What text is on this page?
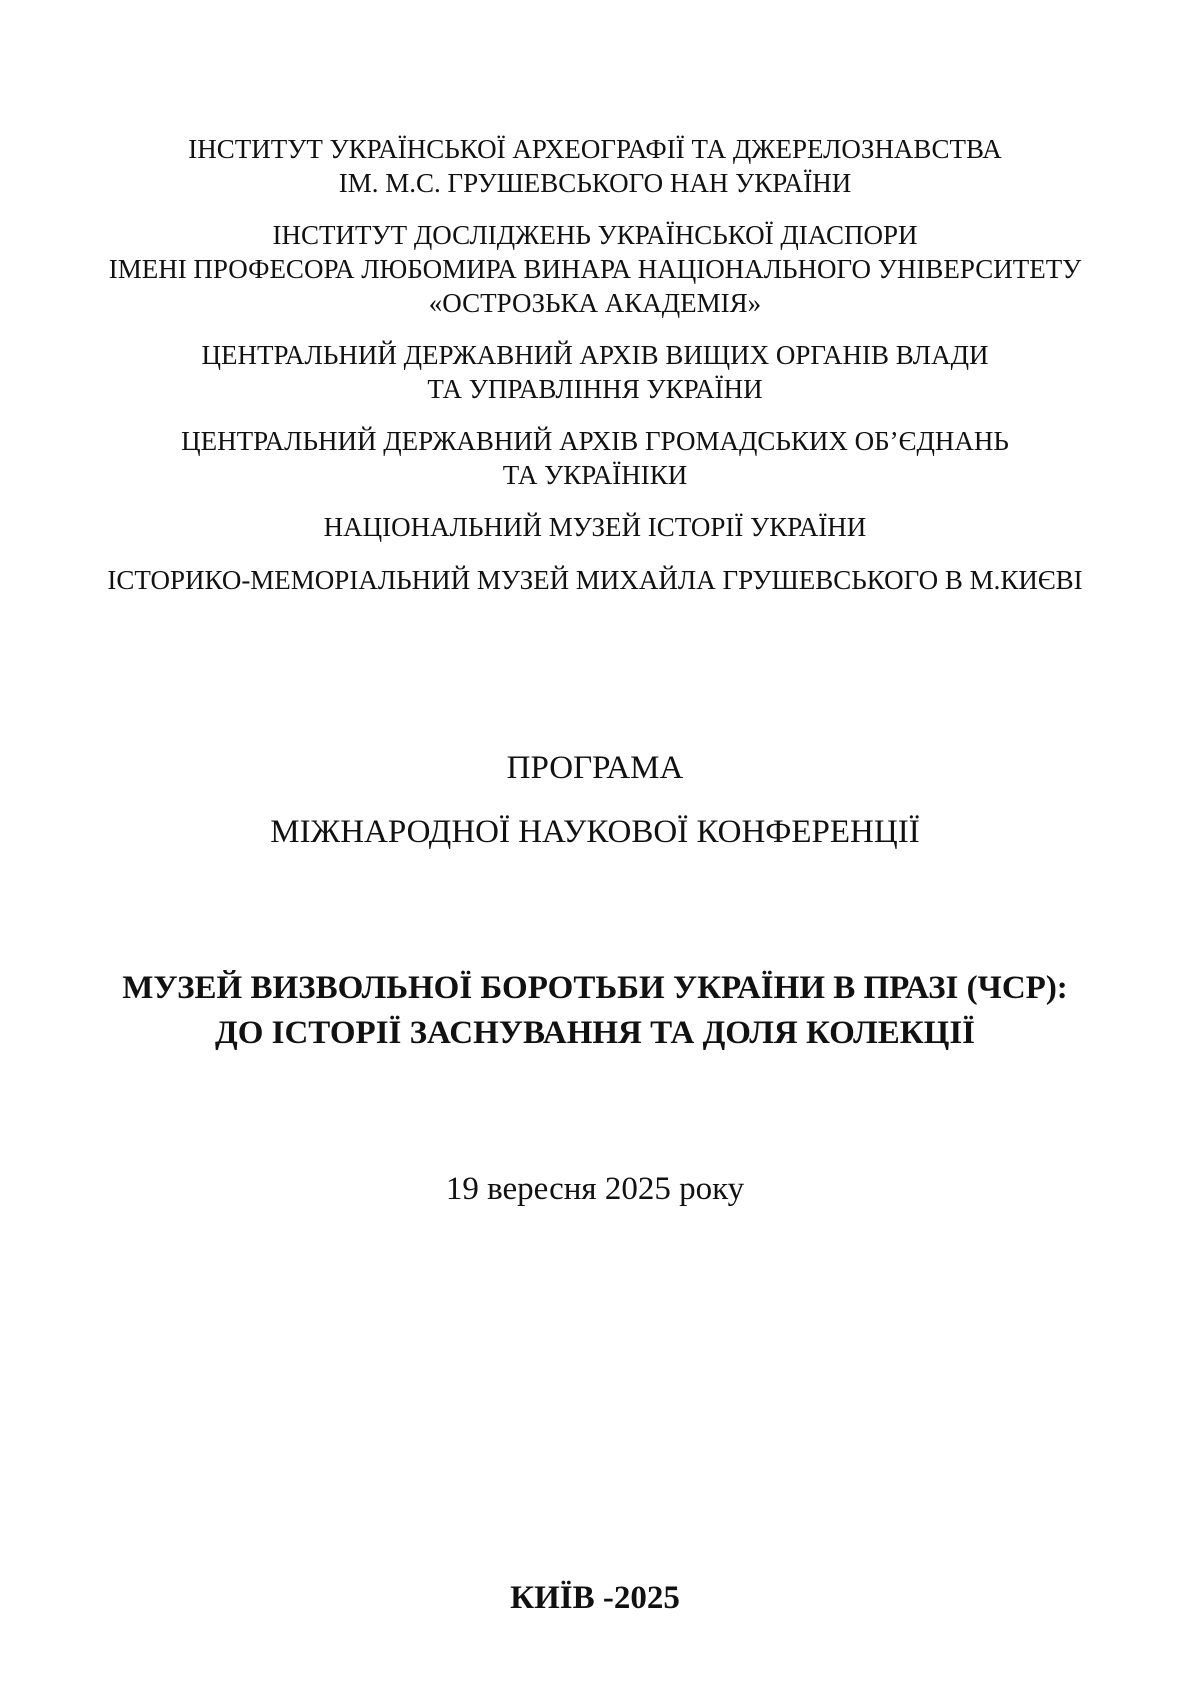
ІНСТИТУТ УКРАЇНСЬКОЇ АРХЕОГРАФІЇ ТА ДЖЕРЕЛОЗНАВСТВА
ІМ. М.С. ГРУШЕВСЬКОГО НАН УКРАЇНИ
ІНСТИТУТ ДОСЛІДЖЕНЬ УКРАЇНСЬКОЇ ДІАСПОРИ
ІМЕНІ ПРОФЕСОРА ЛЮБОМИРА ВИНАРА НАЦІОНАЛЬНОГО УНІВЕРСИТЕТУ
«ОСТРОЗЬКА АКАДЕМІЯ»
ЦЕНТРАЛЬНИЙ ДЕРЖАВНИЙ АРХІВ ВИЩИХ ОРГАНІВ ВЛАДИ
ТА УПРАВЛІННЯ УКРАЇНИ
ЦЕНТРАЛЬНИЙ ДЕРЖАВНИЙ АРХІВ ГРОМАДСЬКИХ ОБ’ЄДНАНЬ
ТА УКРАЇНІКИ
НАЦІОНАЛЬНИЙ МУЗЕЙ ІСТОРІЇ УКРАЇНИ
ІСТОРИКО-МЕМОРІАЛЬНИЙ МУЗЕЙ МИХАЙЛА ГРУШЕВСЬКОГО В М.КИЄВІ
ПРОГРАМА
МІЖНАРОДНОЇ НАУКОВОЇ КОНФЕРЕНЦІЇ
МУЗЕЙ ВИЗВОЛЬНОЇ БОРОТЬБИ УКРАЇНИ В ПРАЗІ (ЧСР):
ДО ІСТОРІЇ ЗАСНУВАННЯ ТА ДОЛЯ КОЛЕКЦІЇ
19 вересня 2025 року
КИЇВ -2025
